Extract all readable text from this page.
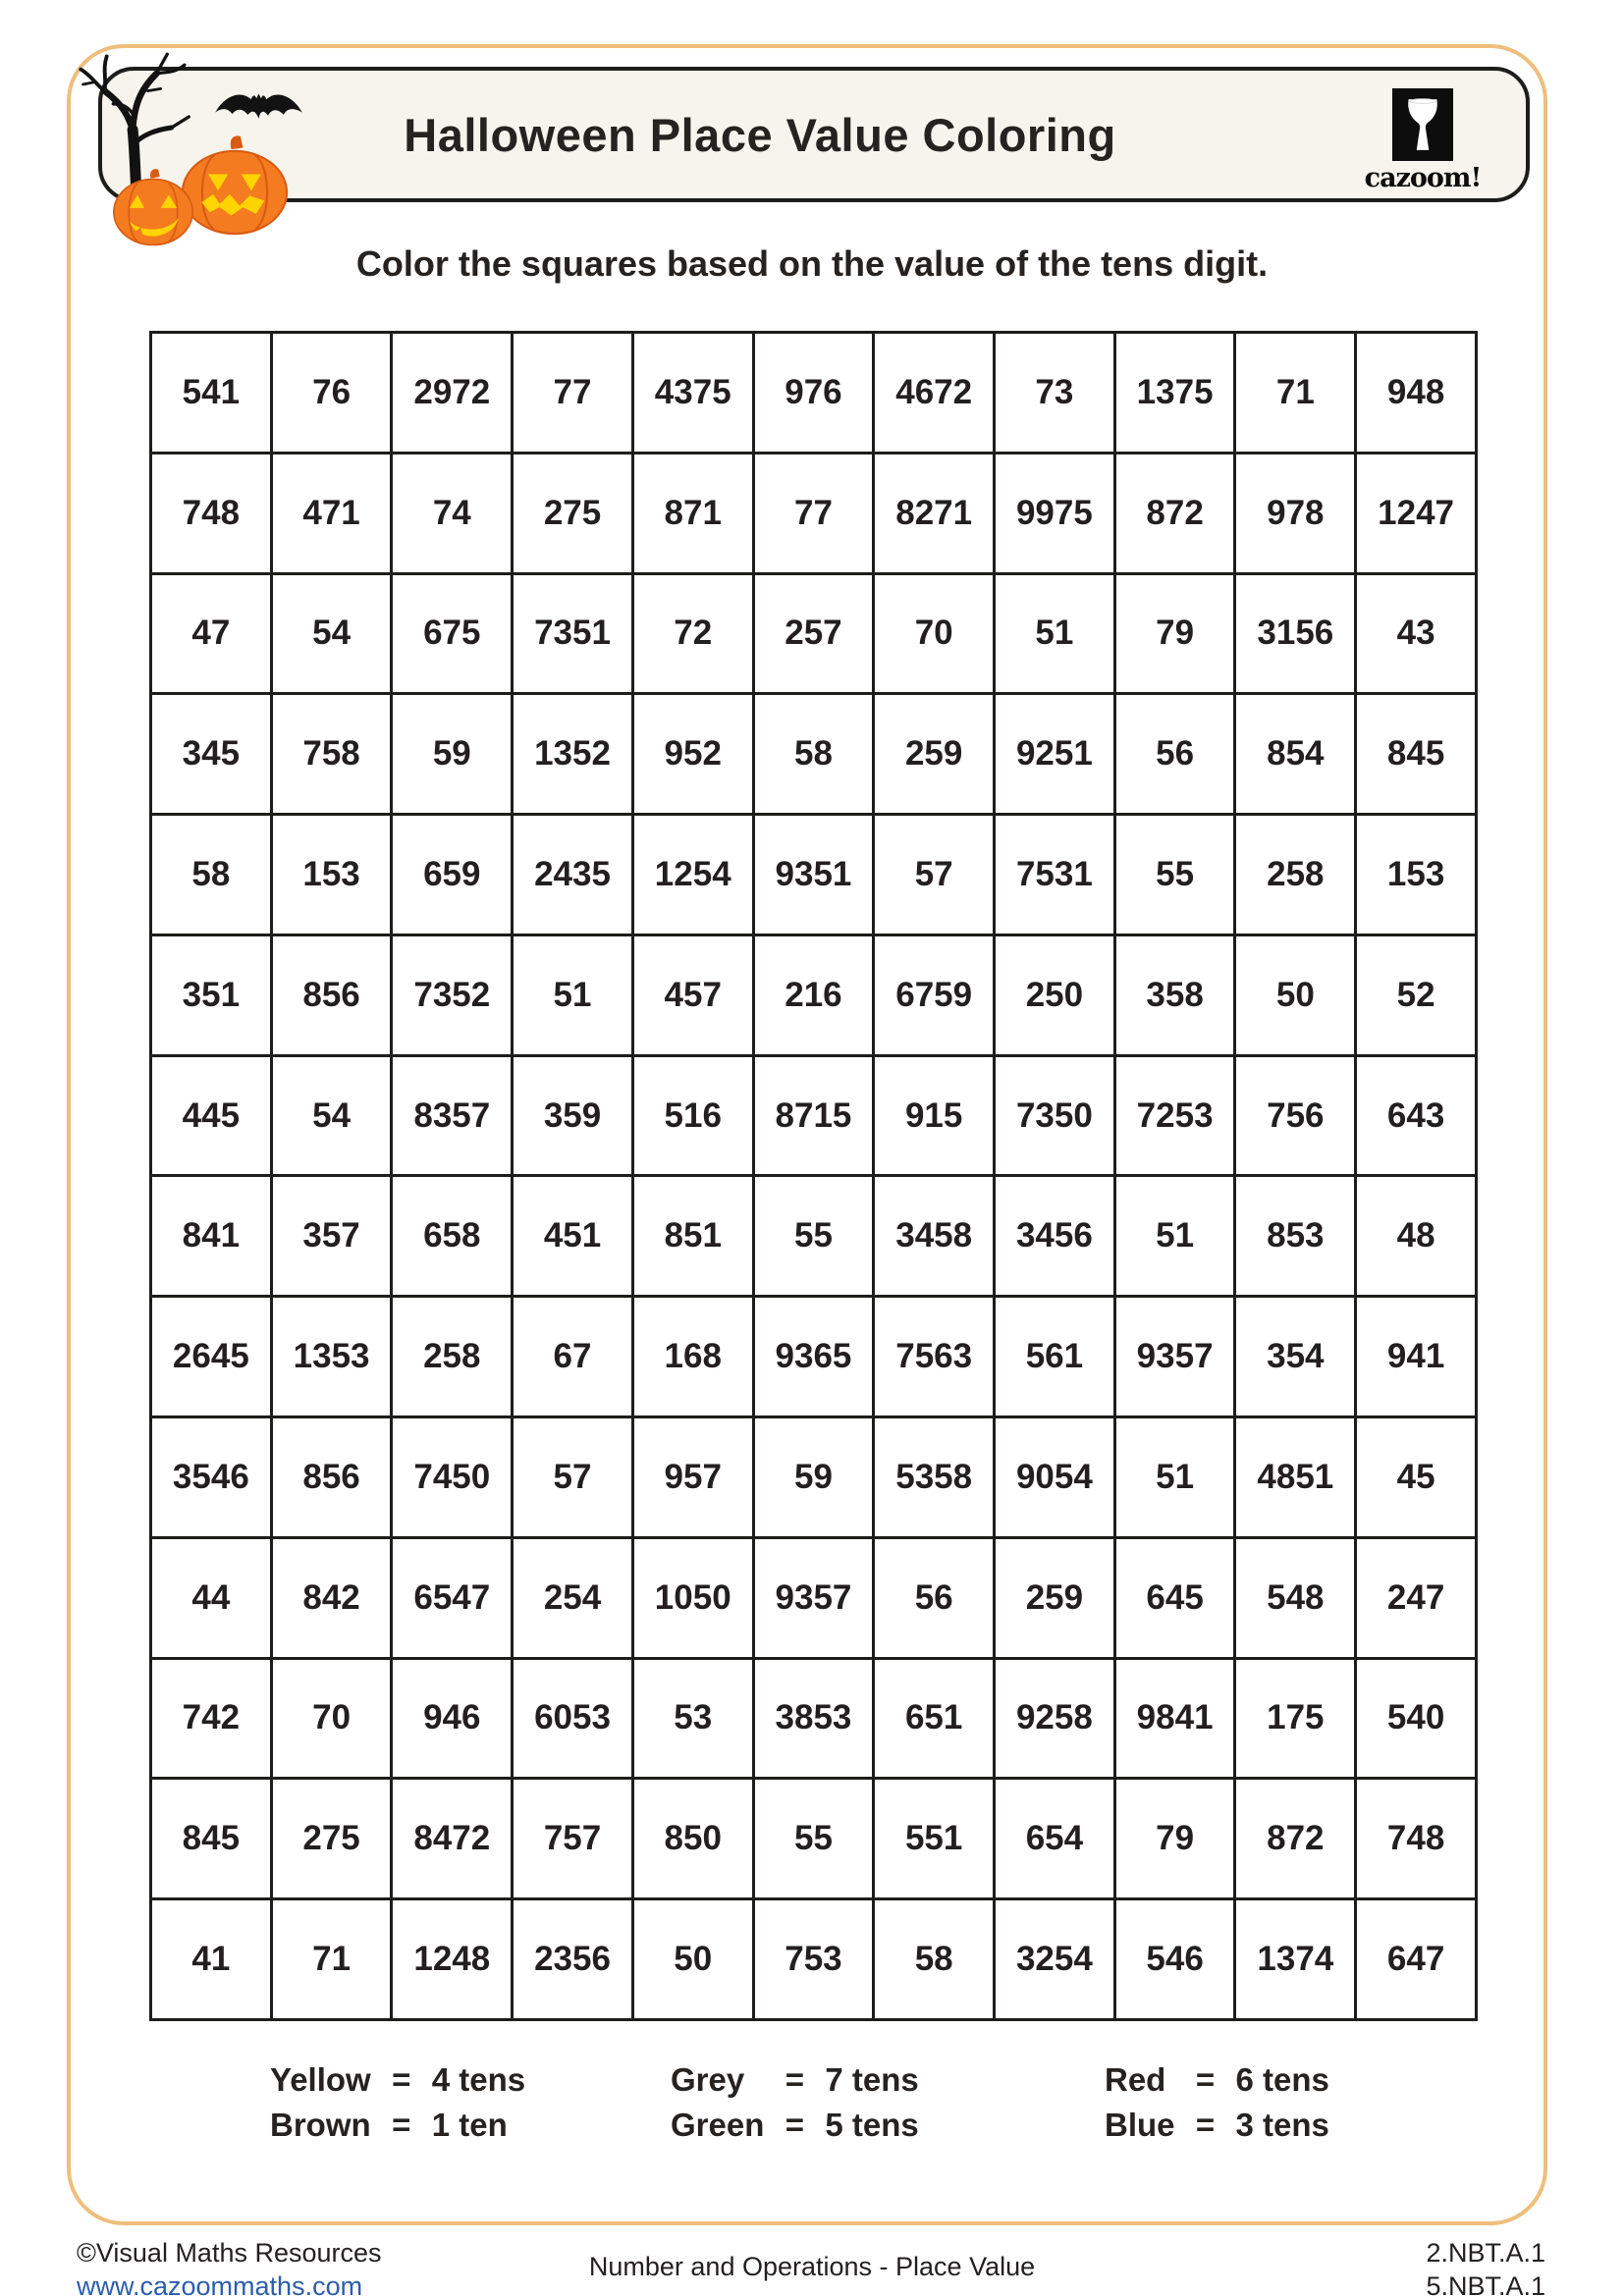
Halloween Place Value Coloring
cazoom!
Color the squares based on the value of the tens digit.
541	76	2972	77	4375	976	4672	73	1375	71	948
748	471	74	275	871	77	8271	9975	872	978	1247
47	54	675	7351	72	257	70	51	79	3156	43
345	758	59	1352	952	58	259	9251	56	854	845
58	153	659	2435	1254	9351	57	7531	55	258	153
351	856	7352	51	457	216	6759	250	358	50	52
445	54	8357	359	516	8715	915	7350	7253	756	643
841	357	658	451	851	55	3458	3456	51	853	48
2645	1353	258	67	168	9365	7563	561	9357	354	941
3546	856	7450	57	957	59	5358	9054	51	4851	45
44	842	6547	254	1050	9357	56	259	645	548	247
742	70	946	6053	53	3853	651	9258	9841	175	540
845	275	8472	757	850	55	551	654	79	872	748
41	71	1248	2356	50	753	58	3254	546	1374	647
Yellow = 4 tens
Brown = 1 ten
Grey	= 7 tens
Green = 5 tens
Red = 6 tens
Blue = 3 tens
©Visual Maths Resources
www.cazoommaths.com
Number and Operations - Place Value	2.NBT.A.1
5.NBT.A.1
